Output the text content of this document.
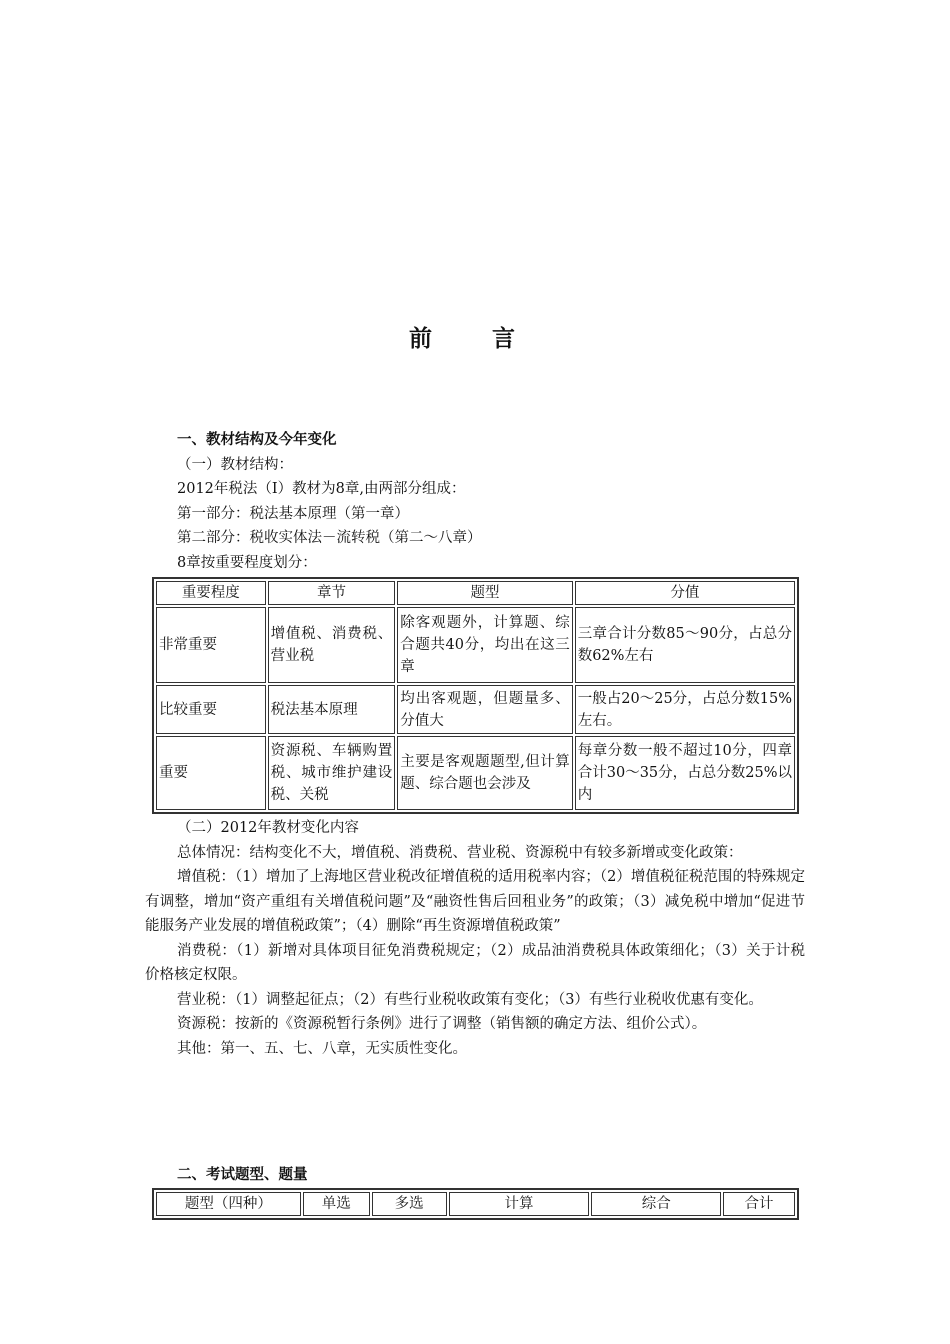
前 言
一、教材结构及今年变化
（一）教材结构：
2012年税法（Ⅰ）教材为8章,由两部分组成：
第一部分：税法基本原理（第一章）
第二部分：税收实体法－流转税（第二～八章）
8章按重要程度划分：
重要程度	章节	题型	分值
非常重要	增值税、消费税、营业税	除客观题外，计算题、综合题共40分，均出在这三章	三章合计分数85～90分，占总分数62%左右
比较重要	税法基本原理	均出客观题，但题量多、分值大	一般占20～25分，占总分数15%左右。
重要	资源税、车辆购置税、城市维护建设税、关税	主要是客观题题型,但计算题、综合题也会涉及	每章分数一般不超过10分，四章合计30～35分，占总分数25%以内
（二）2012年教材变化内容
总体情况：结构变化不大，增值税、消费税、营业税、资源税中有较多新增或变化政策：
增值税：（1）增加了上海地区营业税改征增值税的适用税率内容；（2）增值税征税范围的特殊规定有调整，增加“资产重组有关增值税问题”及“融资性售后回租业务”的政策；（3）减免税中增加“促进节能服务产业发展的增值税政策”；（4）删除“再生资源增值税政策”
消费税：（1）新增对具体项目征免消费税规定；（2）成品油消费税具体政策细化；（3）关于计税价格核定权限。
营业税：（1）调整起征点；（2）有些行业税收政策有变化；（3）有些行业税收优惠有变化。
资源税：按新的《资源税暂行条例》进行了调整（销售额的确定方法、组价公式）。
其他：第一、五、七、八章，无实质性变化。
二、考试题型、题量
题型（四种）	单选	多选	计算	综合	合计
